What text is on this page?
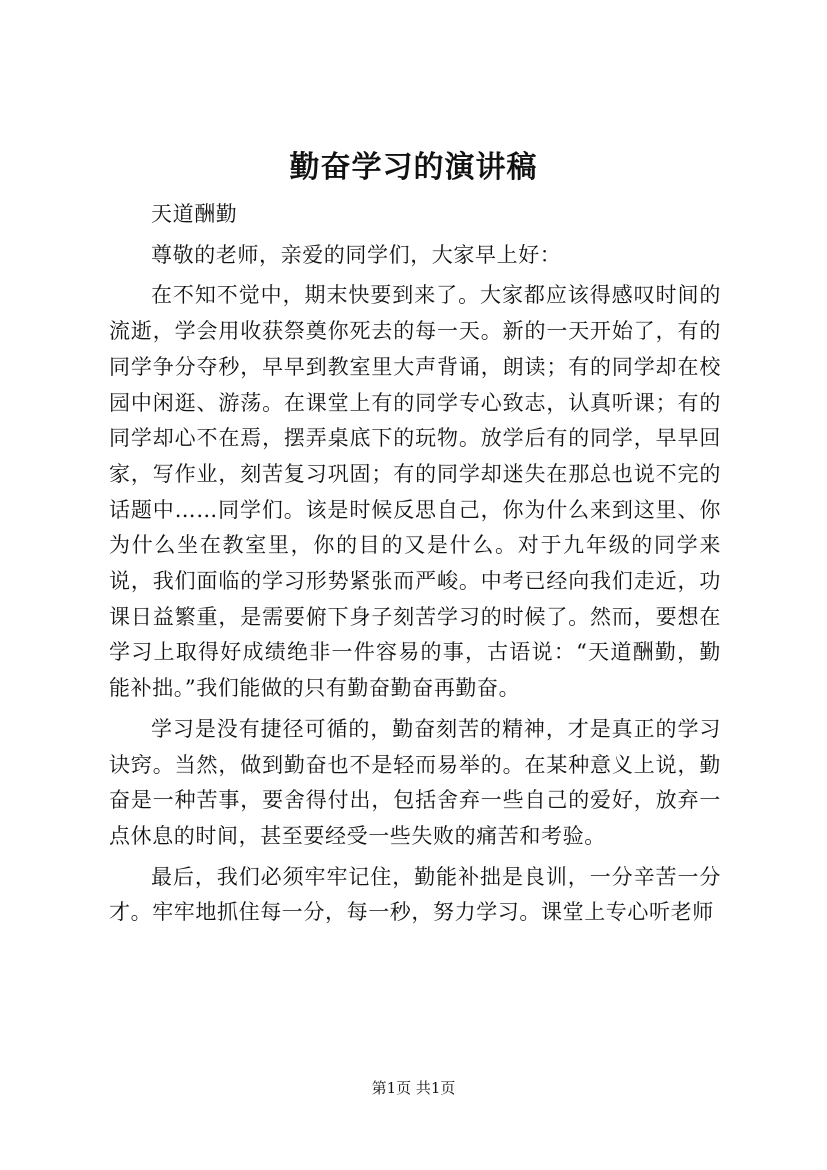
勤奋学习的演讲稿

天道酬勤

尊敬的老师，亲爱的同学们，大家早上好：

在不知不觉中，期末快要到来了。大家都应该得感叹时间的流逝，学会用收获祭奠你死去的每一天。新的一天开始了，有的同学争分夺秒，早早到教室里大声背诵，朗读；有的同学却在校园中闲逛、游荡。在课堂上有的同学专心致志，认真听课；有的同学却心不在焉，摆弄桌底下的玩物。放学后有的同学，早早回家，写作业，刻苦复习巩固；有的同学却迷失在那总也说不完的话题中……同学们。该是时候反思自己，你为什么来到这里、你为什么坐在教室里，你的目的又是什么。对于九年级的同学来说，我们面临的学习形势紧张而严峻。中考已经向我们走近，功课日益繁重，是需要俯下身子刻苦学习的时候了。然而，要想在学习上取得好成绩绝非一件容易的事，古语说：“天道酬勤，勤能补拙。”我们能做的只有勤奋勤奋再勤奋。

学习是没有捷径可循的，勤奋刻苦的精神，才是真正的学习诀窍。当然，做到勤奋也不是轻而易举的。在某种意义上说，勤奋是一种苦事，要舍得付出，包括舍弃一些自己的爱好，放弃一点休息的时间，甚至要经受一些失败的痛苦和考验。

最后，我们必须牢牢记住，勤能补拙是良训，一分辛苦一分才。牢牢地抓住每一分，每一秒，努力学习。课堂上专心听老师

第1页 共1页
